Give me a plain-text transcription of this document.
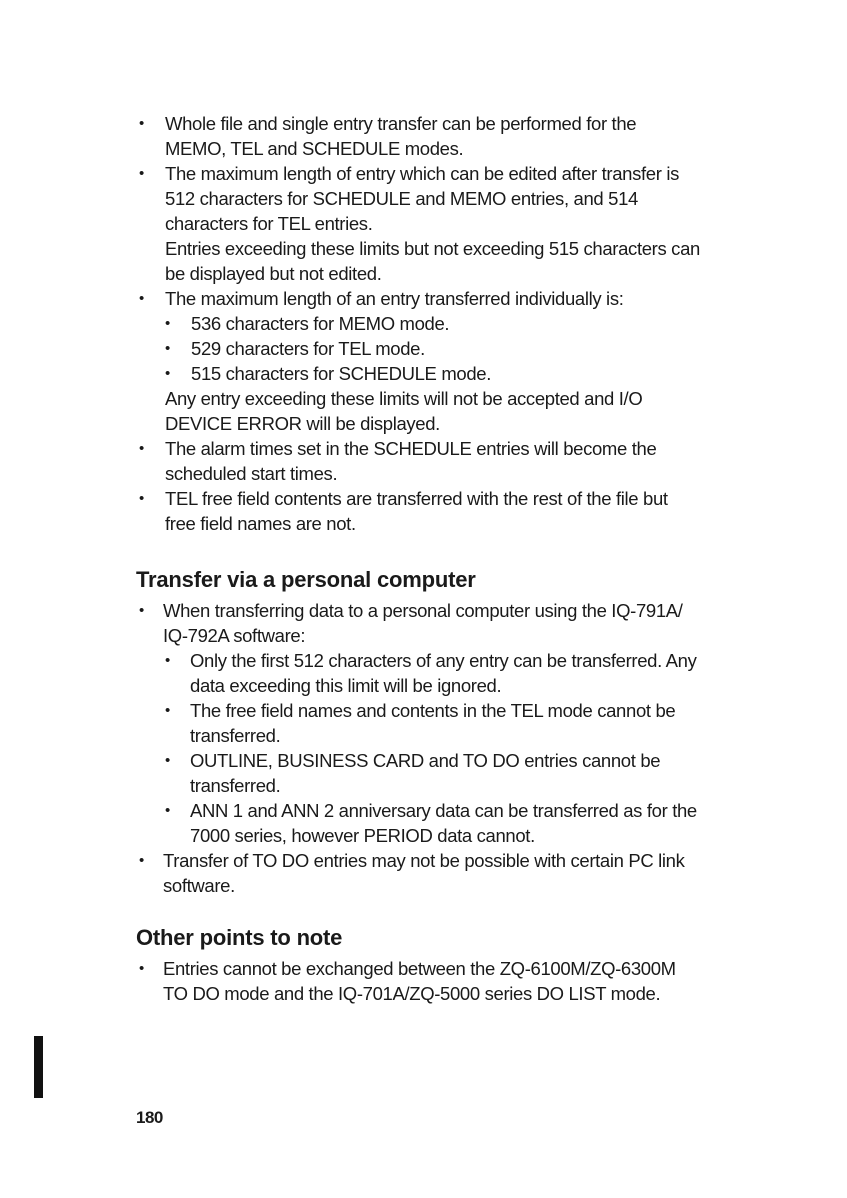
• Whole file and single entry transfer can be performed for the
MEMO, TEL and SCHEDULE modes.
• The maximum length of entry which can be edited after transfer is
512 characters for SCHEDULE and MEMO entries, and 514
characters for TEL entries.
Entries exceeding these limits but not exceeding 515 characters can
be displayed but not edited.
• The maximum length of an entry transferred individually is:
• 536 characters for MEMO mode.
• 529 characters for TEL mode.
• 515 characters for SCHEDULE mode.
Any entry exceeding these limits will not be accepted and I/O
DEVICE ERROR will be displayed.
• The alarm times set in the SCHEDULE entries will become the
scheduled start times.
• TEL free field contents are transferred with the rest of the file but
free field names are not.
Transfer via a personal computer
• When transferring data to a personal computer using the IQ-791A/
IQ-792A software:
• Only the first 512 characters of any entry can be transferred. Any
data exceeding this limit will be ignored.
• The free field names and contents in the TEL mode cannot be
transferred.
• OUTLINE, BUSINESS CARD and TO DO entries cannot be
transferred.
• ANN 1 and ANN 2 anniversary data can be transferred as for the
7000 series, however PERIOD data cannot.
• Transfer of TO DO entries may not be possible with certain PC link
software.
Other points to note
• Entries cannot be exchanged between the ZQ-6100M/ZQ-6300M
TO DO mode and the IQ-701A/ZQ-5000 series DO LIST mode.
180
